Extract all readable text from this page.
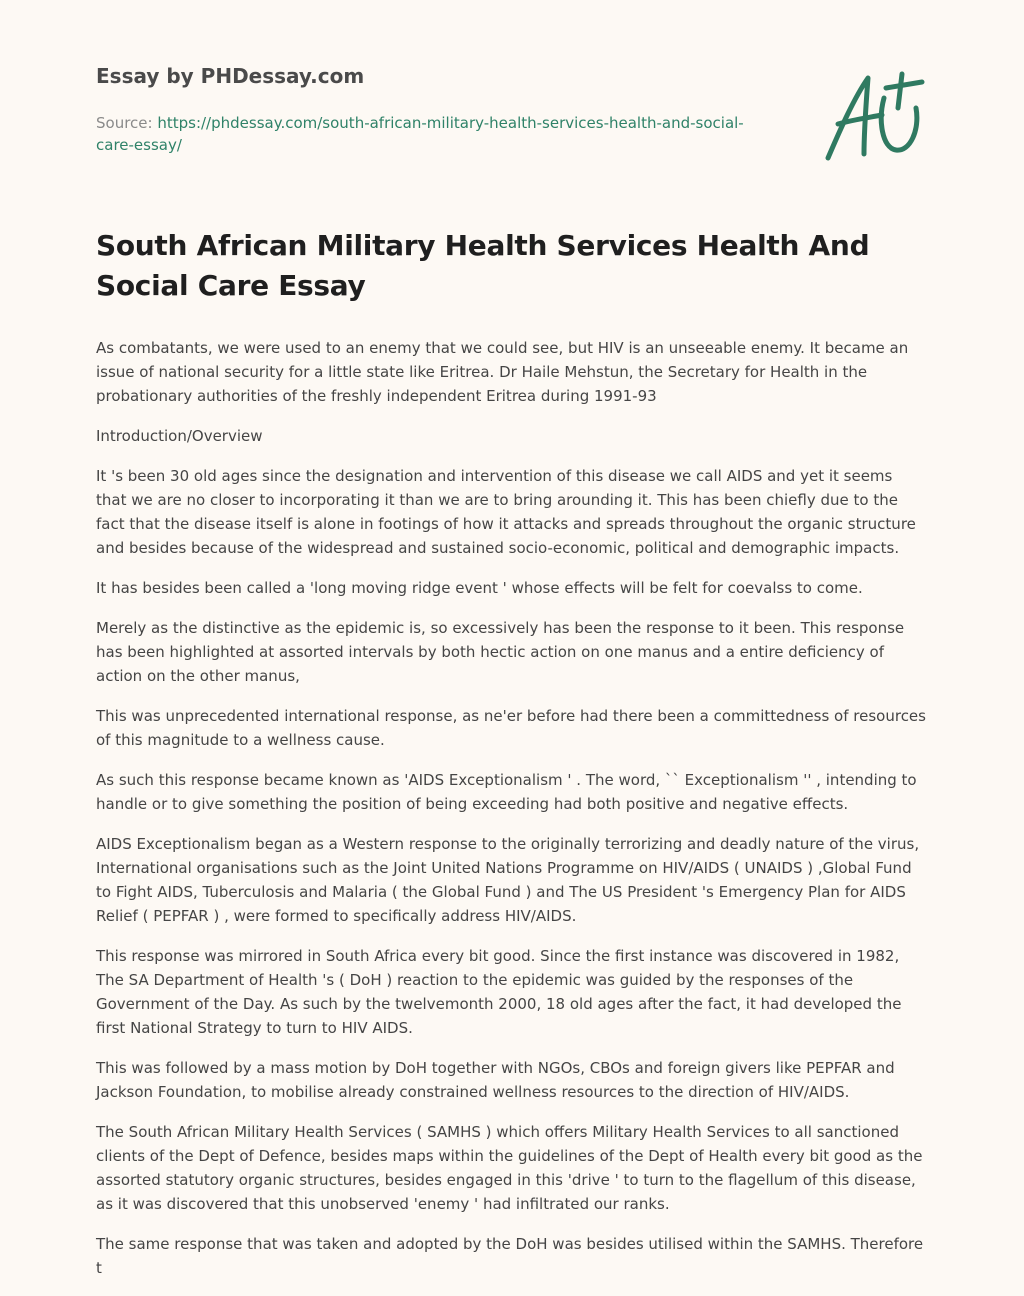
Essay by PHDessay.com
Source: https://phdessay.com/south-african-military-health-services-health-and-social-care-essay/
South African Military Health Services Health And Social Care Essay

As combatants, we were used to an enemy that we could see, but HIV is an unseeable enemy. It became an issue of national security for a little state like Eritrea. Dr Haile Mehstun, the Secretary for Health in the probationary authorities of the freshly independent Eritrea during 1991-93

Introduction/Overview

It 's been 30 old ages since the designation and intervention of this disease we call AIDS and yet it seems that we are no closer to incorporating it than we are to bring arounding it. This has been chiefly due to the fact that the disease itself is alone in footings of how it attacks and spreads throughout the organic structure and besides because of the widespread and sustained socio-economic, political and demographic impacts.

It has besides been called a 'long moving ridge event ' whose effects will be felt for coevalss to come.

Merely as the distinctive as the epidemic is, so excessively has been the response to it been. This response has been highlighted at assorted intervals by both hectic action on one manus and a entire deficiency of action on the other manus,

This was unprecedented international response, as ne'er before had there been a committedness of resources of this magnitude to a wellness cause.

As such this response became known as 'AIDS Exceptionalism ' . The word, `` Exceptionalism '' , intending to handle or to give something the position of being exceeding had both positive and negative effects.

AIDS Exceptionalism began as a Western response to the originally terrorizing and deadly nature of the virus, International organisations such as the Joint United Nations Programme on HIV/AIDS ( UNAIDS ) ,Global Fund to Fight AIDS, Tuberculosis and Malaria ( the Global Fund ) and The US President 's Emergency Plan for AIDS Relief ( PEPFAR ) , were formed to specifically address HIV/AIDS.

This response was mirrored in South Africa every bit good. Since the first instance was discovered in 1982, The SA Department of Health 's ( DoH ) reaction to the epidemic was guided by the responses of the Government of the Day. As such by the twelvemonth 2000, 18 old ages after the fact, it had developed the first National Strategy to turn to HIV AIDS.

This was followed by a mass motion by DoH together with NGOs, CBOs and foreign givers like PEPFAR and Jackson Foundation, to mobilise already constrained wellness resources to the direction of HIV/AIDS.

The South African Military Health Services ( SAMHS ) which offers Military Health Services to all sanctioned clients of the Dept of Defence, besides maps within the guidelines of the Dept of Health every bit good as the assorted statutory organic structures, besides engaged in this 'drive ' to turn to the flagellum of this disease, as it was discovered that this unobserved 'enemy ' had infiltrated our ranks.

The same response that was taken and adopted by the DoH was besides utilised within the SAMHS. Therefore t
